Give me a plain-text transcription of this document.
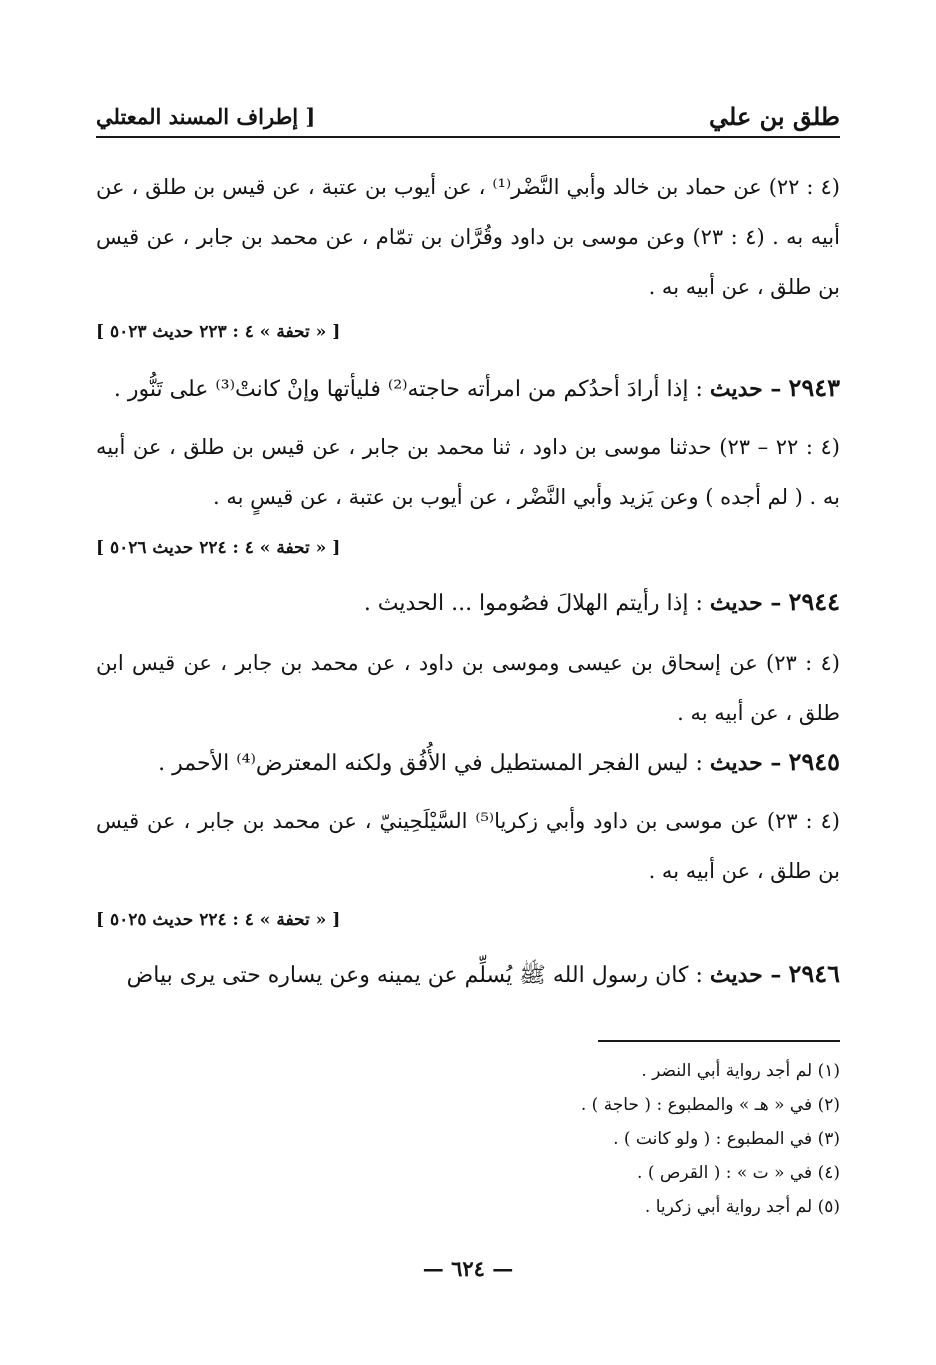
طلق بن علي
[ إطراف المسند المعتلي

(٤ : ٢٢) عن حماد بن خالد وأبي النَّضْر⁽¹⁾ ، عن أيوب بن عتبة ، عن قيس بن طلق ، عن أبيه به . (٤ : ٢٣) وعن موسى بن داود وقُرَّان بن تمّام ، عن محمد بن جابر ، عن قيس بن طلق ، عن أبيه به .

[ « تحفة » ٤ : ٢٢٣ حديث ٥٠٢٣ ]
٢٩٤٣ – حديث : إذا أرادَ أحدُكم من امرأته حاجته⁽²⁾ فليأتها وإنْ كانتْ⁽³⁾ على تَنُّور .

(٤ : ٢٢ – ٢٣) حدثنا موسى بن داود ، ثنا محمد بن جابر ، عن قيس بن طلق ، عن أبيه به . ( لم أجده ) وعن يَزيد وأبي النَّضْر ، عن أيوب بن عتبة ، عن قيسٍ به .

[ « تحفة » ٤ : ٢٢٤ حديث ٥٠٢٦ ]
٢٩٤٤ – حديث : إذا رأيتم الهلالَ فصُوموا ... الحديث .

(٤ : ٢٣) عن إسحاق بن عيسى وموسى بن داود ، عن محمد بن جابر ، عن قيس ابن طلق ، عن أبيه به .

٢٩٤٥ – حديث : ليس الفجر المستطيل في الأُفُق ولكنه المعترض⁽⁴⁾ الأحمر .

(٤ : ٢٣) عن موسى بن داود وأبي زكريا⁽⁵⁾ السَّيْلَحِينيّ ، عن محمد بن جابر ، عن قيس بن طلق ، عن أبيه به .

[ « تحفة » ٤ : ٢٢٤ حديث ٥٠٢٥ ]
٢٩٤٦ – حديث : كان رسول الله ﷺ يُسلِّم عن يمينه وعن يساره حتى يرى بياض
(١) لم أجد رواية أبي النضر .
(٢) في « هـ » والمطبوع : ( حاجة ) .
(٣) في المطبوع : ( ولو كانت ) .
(٤) في « ت » : ( القرص ) .
(٥) لم أجد رواية أبي زكريا .
— ٦٢٤ —
